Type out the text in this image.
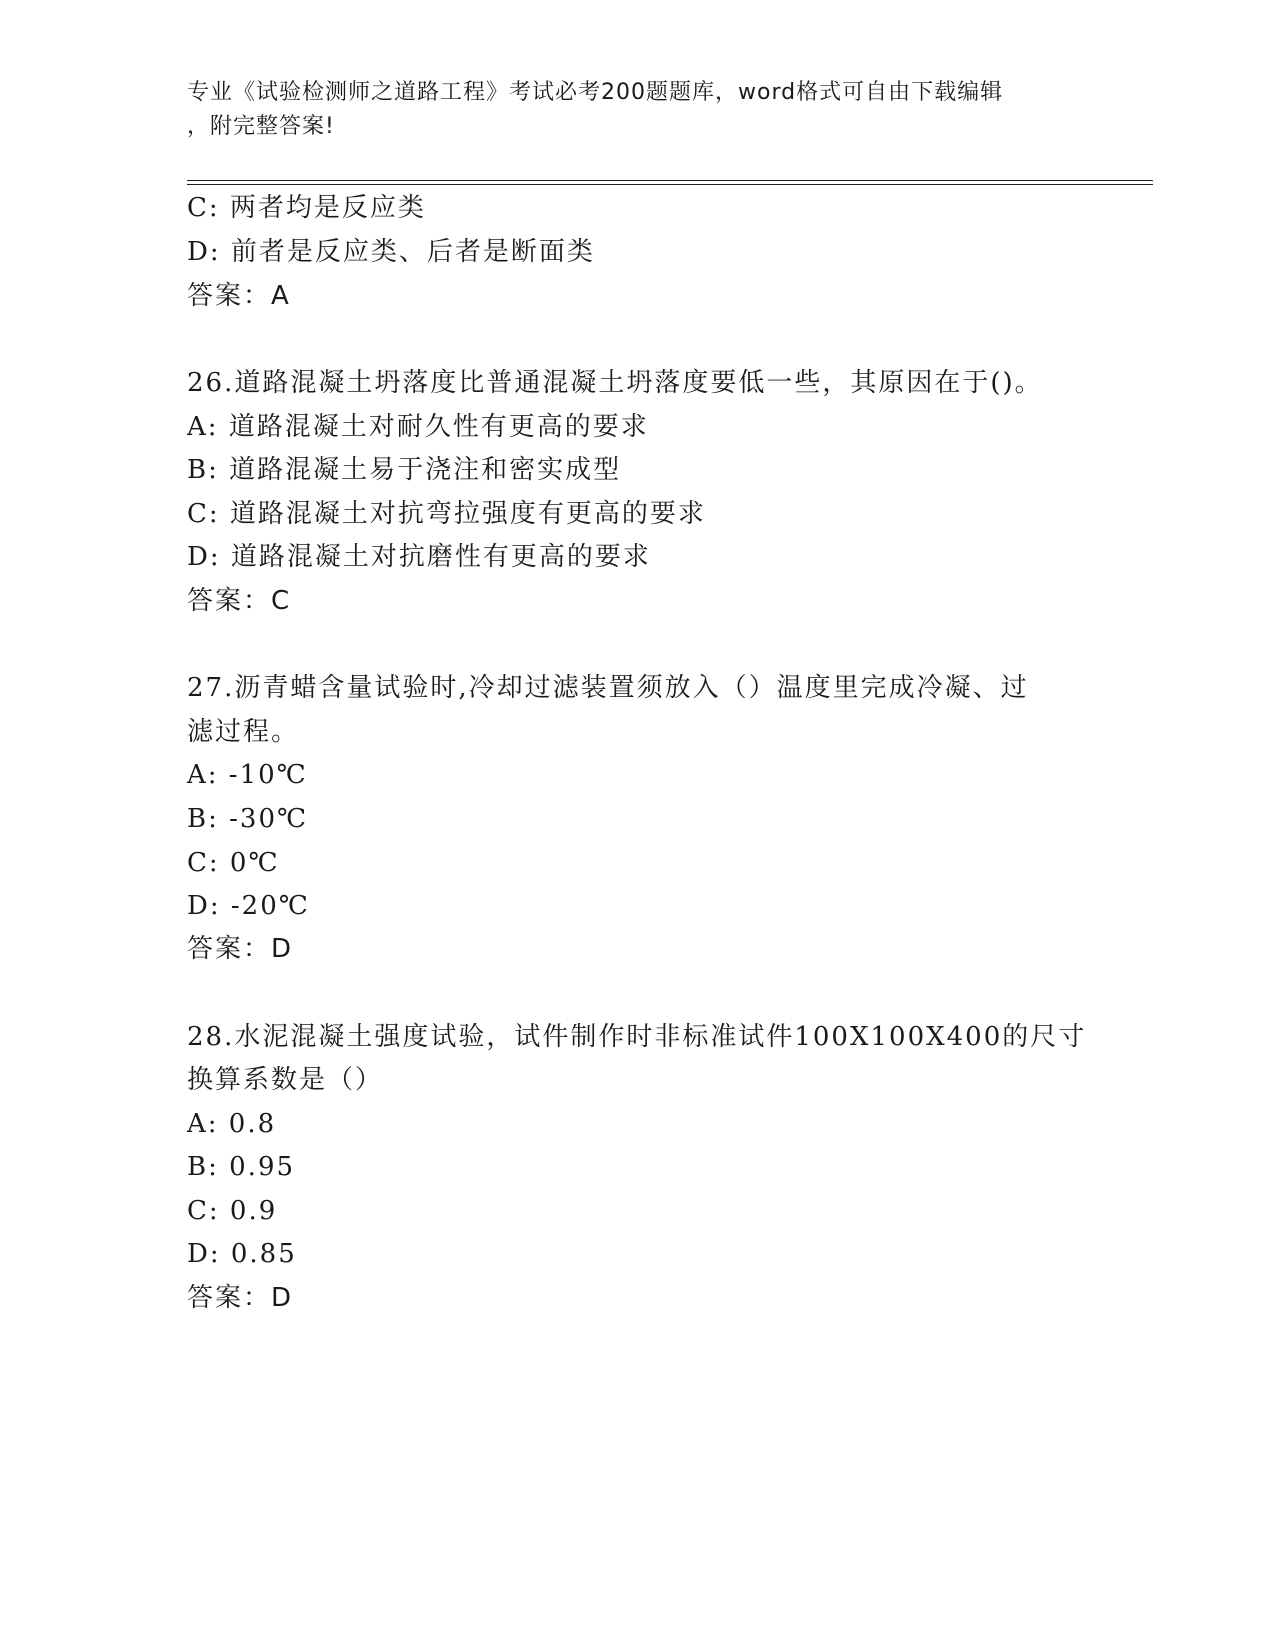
专业《试验检测师之道路工程》考试必考200题题库，word格式可自由下载编辑
，附完整答案!
C: 两者均是反应类
D: 前者是反应类、后者是断面类
答案：A
26.道路混凝土坍落度比普通混凝土坍落度要低一些，其原因在于()。
A: 道路混凝土对耐久性有更高的要求
B: 道路混凝土易于浇注和密实成型
C: 道路混凝土对抗弯拉强度有更高的要求
D: 道路混凝土对抗磨性有更高的要求
答案：C
27.沥青蜡含量试验时,冷却过滤装置须放入（）温度里完成冷凝、过
滤过程。
A: -10℃
B: -30℃
C: 0℃
D: -20℃
答案：D
28.水泥混凝土强度试验，试件制作时非标准试件100X100X400的尺寸
换算系数是（）
A: 0.8
B: 0.95
C: 0.9
D: 0.85
答案：D
